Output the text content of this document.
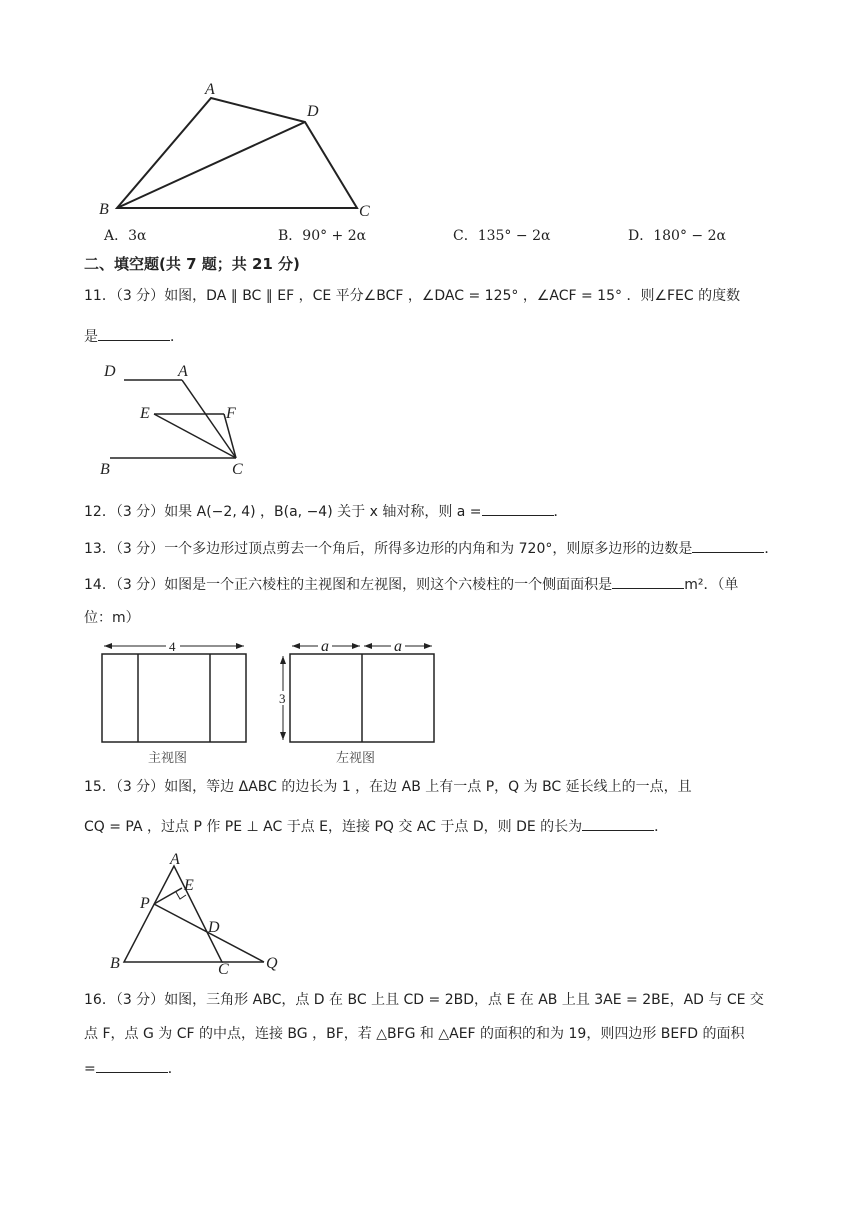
A
D
B	C
A．3α	B．90° + 2α	C．135° − 2α	D．180° − 2α
二、填空题(共 7 题；共 21 分)
11．（3 分）如图，DA ∥ BC ∥ EF ，CE 平分∠BCF ，∠DAC = 125° ，∠ACF = 15° ．则∠FEC 的度数
是	．
D	A
E	F
B	C
12．（3 分）如果 A(−2, 4) ，B(a, −4) 关于 x 轴对称，则 a =	．
13．（3 分）一个多边形过顶点剪去一个角后，所得多边形的内角和为 720°，则原多边形的边数是	．
14．（3 分）如图是一个正六棱柱的主视图和左视图，则这个六棱柱的一个侧面面积是	m²．（单
位：m）
4
主视图
a	a
3
左视图
15．（3 分）如图，等边 ΔABC 的边长为 1 ，在边 AB 上有一点 P，Q 为 BC 延长线上的一点，且
CQ = PA ，过点 P 作 PE ⊥ AC 于点 E，连接 PQ 交 AC 于点 D，则 DE 的长为	．
A
E
P
D
B	C Q
16．（3 分）如图，三角形 ABC，点 D 在 BC 上且 CD = 2BD，点 E 在 AB 上且 3AE = 2BE，AD 与 CE 交
点 F，点 G 为 CF 的中点，连接 BG ，BF，若 △BFG 和 △AEF 的面积的和为 19，则四边形 BEFD 的面积
=	．
